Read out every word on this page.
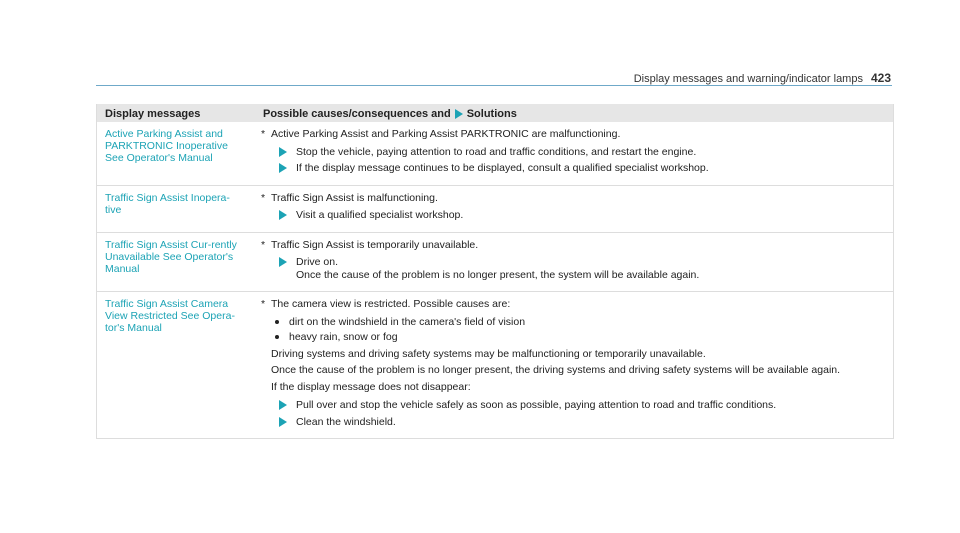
Display messages and warning/indicator lamps 423
Display messages	Possible causes/consequences and Solutions
Active Parking Assist and PARKTRONIC Inoperative See Operator's Manual
* Active Parking Assist and Parking Assist PARKTRONIC are malfunctioning.
Stop the vehicle, paying attention to road and traffic conditions, and restart the engine.
If the display message continues to be displayed, consult a qualified specialist workshop.
Traffic Sign Assist Inopera-tive
* Traffic Sign Assist is malfunctioning.
Visit a qualified specialist workshop.
Traffic Sign Assist Cur-rently Unavailable See Operator's Manual
* Traffic Sign Assist is temporarily unavailable.
Drive on.
Once the cause of the problem is no longer present, the system will be available again.
Traffic Sign Assist Camera View Restricted See Opera-tor's Manual
* The camera view is restricted. Possible causes are:
dirt on the windshield in the camera's field of vision
heavy rain, snow or fog
Driving systems and driving safety systems may be malfunctioning or temporarily unavailable.
Once the cause of the problem is no longer present, the driving systems and driving safety systems will be available again.
If the display message does not disappear:
Pull over and stop the vehicle safely as soon as possible, paying attention to road and traffic conditions.
Clean the windshield.
